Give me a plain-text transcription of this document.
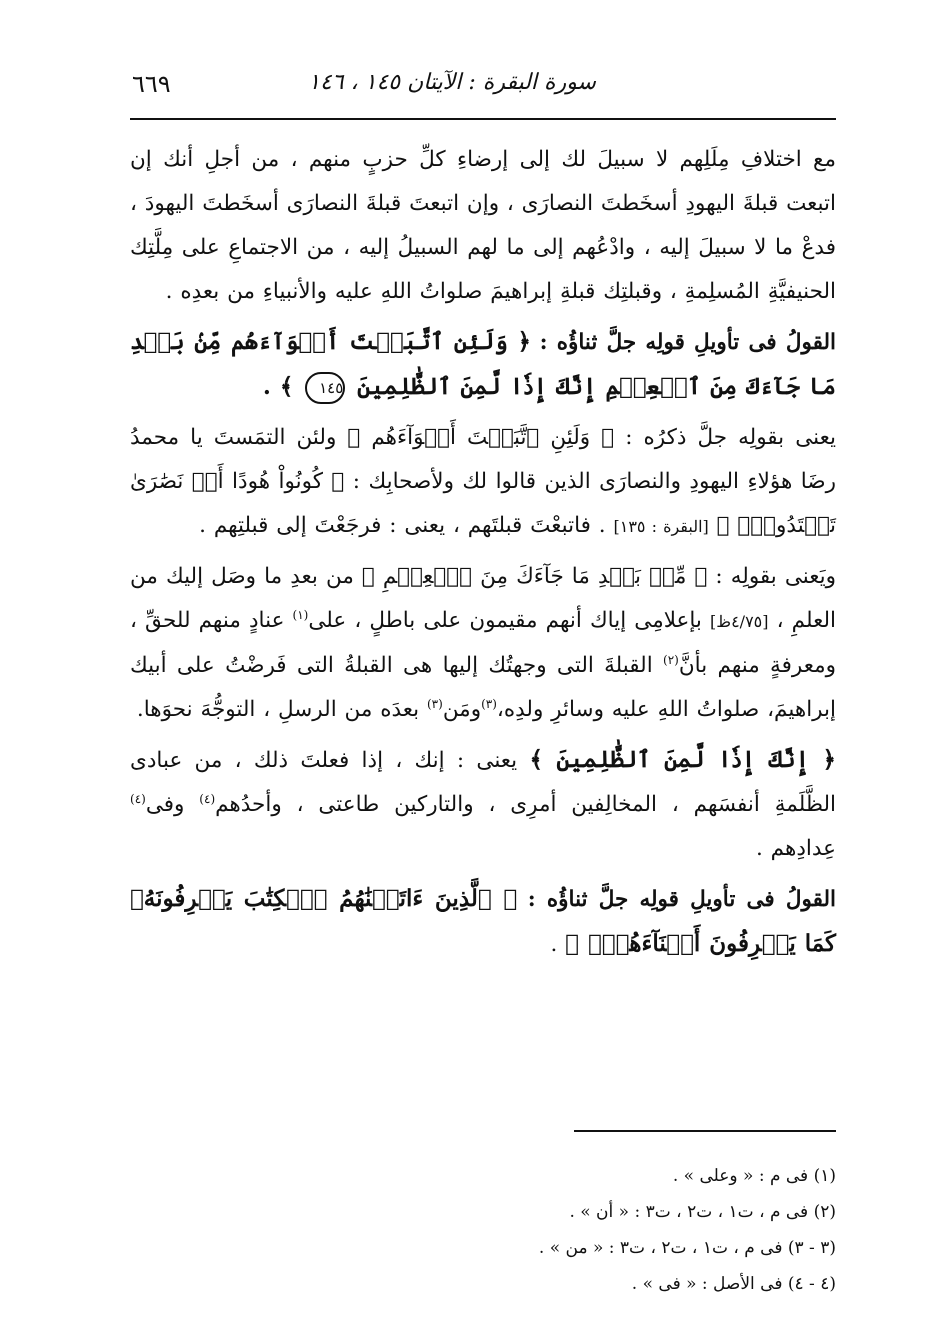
٦٦٩	سورة البقرة : الآيتان ١٤٥ ، ١٤٦

مع اختلافِ مِلَلِهم لا سبيلَ لك إلى إرضاءِ كلِّ حزبٍ منهم ، من أجلِ أنك إن اتبعت قبلةَ اليهودِ أسخَطتَ النصارَى ، وإن اتبعتَ قبلةَ النصارَى أسخَطتَ اليهودَ ، فدعْ ما لا سبيلَ إليه ، وادْعُهم إلى ما لهم السبيلُ إليه ، من الاجتماعِ على مِلَّتِك الحنيفيَّةِ المُسلِمةِ ، وقبلتِك قبلةِ إبراهيمَ صلواتُ اللهِ عليه والأنبياءِ من بعدِه .

القولُ فى تأويلِ قولِه جلَّ ثناؤُه : ﴿ وَلَئِنِ ٱتَّبَعۡتَ أَهۡوَآءَهُم مِّنۢ بَعۡدِ مَا جَآءَكَ مِنَ ٱلۡعِلۡمِ إِنَّكَ إِذٗا لَّمِنَ ٱلظَّٰلِمِينَ ١٤٥ ﴾ .

يعنى بقولِه جلَّ ذكرُه : ﴿ وَلَئِنِ ٱتَّبَعۡتَ أَهۡوَآءَهُم ﴾ ولئن التمَستَ يا محمدُ رضَا هؤلاءِ اليهودِ والنصارَى الذين قالوا لك ولأصحابِك : ﴿ كُونُواْ هُودًا أَوۡ نَصَٰرَىٰ تَهۡتَدُواْۗ ﴾ [البقرة : ١٣٥] . فاتبعْتَ قبلتَهم ، يعنى : فرجَعْتَ إلى قبلتِهم .

ويَعنى بقولِه : ﴿ مِّنۢ بَعۡدِ مَا جَآءَكَ مِنَ ٱلۡعِلۡمِ ﴾ من بعدِ ما وصَل إليك من العلمِ ، [٤/٧٥ظ] بإعلامِى إياك أنهم مقيمون على باطلٍ ، على$^{(١)}$ عنادٍ منهم للحقِّ ، ومعرفةٍ منهم بأنَّ$^{(٢)}$ القبلةَ التى وجهتُك إليها هى القبلةُ التى فَرضْتُ على أبيك إبراهيمَ، صلواتُ اللهِ عليه وسائرِ ولدِه،$^{(٣)}$ومَن$^{(٣)}$ بعدَه من الرسلِ ، التوجُّهَ نحوَها.

﴿ إِنَّكَ إِذٗا لَّمِنَ ٱلظَّٰلِمِينَ ﴾ يعنى : إنك ، إذا فعلتَ ذلك ، من عبادى الظَّلَمةِ أنفسَهم ، المخالِفين أمرِى ، والتاركين طاعتى ، وأحدُهم$^{(٤)}$ وفى$^{(٤)}$ عِدادِهم .

القولُ فى تأويلِ قولِه جلَّ ثناؤُه : ﴿ ٱلَّذِينَ ءَاتَيۡنَٰهُمُ ٱلۡكِتَٰبَ يَعۡرِفُونَهُۥ كَمَا يَعۡرِفُونَ أَبۡنَآءَهُمۡۖ ﴾ .

(١) فى م : « وعلى » .

(٢) فى م ، ت١ ، ت٢ ، ت٣ : « أن » .

(٣ - ٣) فى م ، ت١ ، ت٢ ، ت٣ : « من » .

(٤ - ٤) فى الأصل : « فى » .
